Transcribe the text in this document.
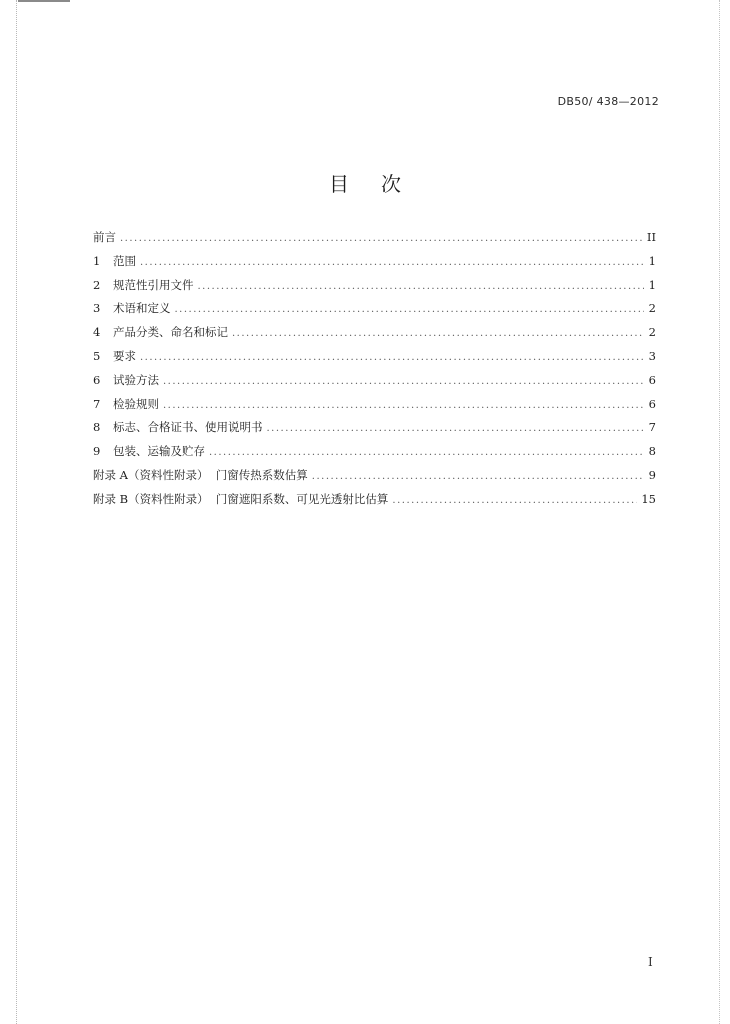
DB50/ 438—2012
目次
前言 .....	II
1	范围 .....	1
2	规范性引用文件 .....	1
3	术语和定义 .....	2
4	产品分类、命名和标记 .....	2
5	要求 .....	3
6	试验方法 .....	6
7	检验规则 .....	6
8	标志、合格证书、使用说明书 .....	7
9	包装、运输及贮存 .....	8
附录 A（资料性附录）  门窗传热系数估算 .....	9
附录 B（资料性附录）  门窗遮阳系数、可见光透射比估算 .....	15
I
